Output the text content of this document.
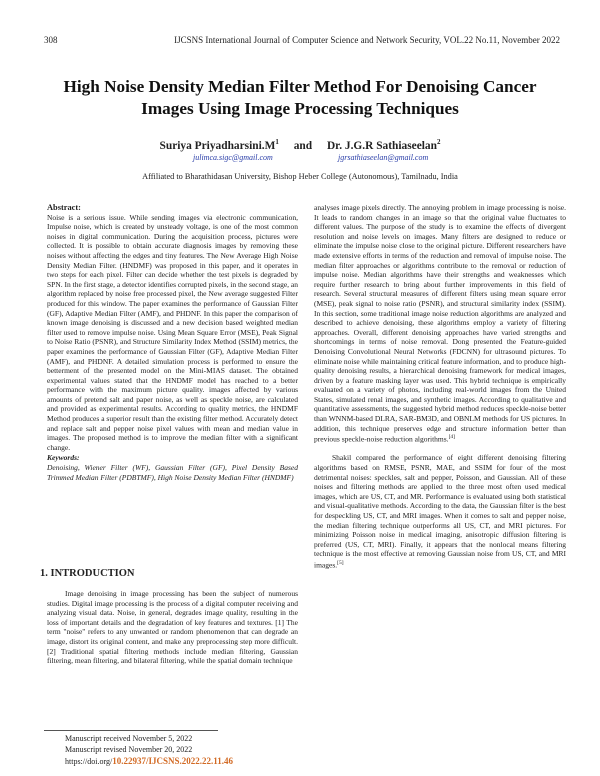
308	IJCSNS International Journal of Computer Science and Network Security, VOL.22 No.11, November 2022
High Noise Density Median Filter Method For Denoising Cancer
Images Using Image Processing Techniques
Suriya $Priyadharsini.M^1$ and Dr. J.G.R Sathiaseelan$^2$
julimca.sigc@gmail.com	jgrsathiaseelan@gmail.com
Affiliated to Bharathidasan University, Bishop Heber College (Autonomous), Tamilnadu, India

Abstract:

Noise is a serious issue. While sending images via electronic communication, Impulse noise, which is created by unsteady voltage, is one of the most common noises in digital communication. During the acquisition process, pictures were collected. It is possible to obtain accurate diagnosis images by removing these noises without affecting the edges and tiny features. The New Average High Noise Density Median Filter. (HNDMF) was proposed in this paper, and it operates in two steps for each pixel. Filter can decide whether the test pixels is degraded by SPN. In the first stage, a detector identifies corrupted pixels, in the second stage, an algorithm replaced by noise free processed pixel, the New average suggested Filter produced for this window. The paper examines the performance of Gaussian Filter (GF), Adaptive Median Filter (AMF), and PHDNF. In this paper the comparison of known image denoising is discussed and a new decision based weighted median filter used to remove impulse noise. Using Mean Square Error (MSE), Peak Signal to Noise Ratio (PSNR), and Structure Similarity Index Method (SSIM) metrics, the paper examines the performance of Gaussian Filter (GF), Adaptive Median Filter (AMF), and PHDNF. A detailed simulation process is performed to ensure the betterment of the presented model on the Mini-MIAS dataset. The obtained experimental values stated that the HNDMF model has reached to a better performance with the maximum picture quality. images affected by various amounts of pretend salt and paper noise, as well as speckle noise, are calculated and provided as experimental results. According to quality metrics, the HNDMF Method produces a superior result than the existing filter method. Accurately detect and replace salt and pepper noise pixel values with mean and median value in images. The proposed method is to improve the median filter with a significant change.

Keywords:

Denoising, Wiener Filter (WF), Gaussian Filter (GF), Pixel Density Based Trimmed Median Filter (PDBTMF), High Noise Density Median Filter (HNDMF)

1. INTRODUCTION

Image denoising in image processing has been the subject of numerous studies. Digital image processing is the process of a digital computer receiving and analyzing visual data. Noise, in general, degrades image quality, resulting in the loss of important details and the degradation of key features and textures. [1] The term "noise" refers to any unwanted or random phenomenon that can degrade an image, distort its original content, and make any preprocessing step more difficult.[2] Traditional spatial filtering methods include median filtering, Gaussian filtering, mean filtering, and bilateral filtering, while the spatial domain technique

analyses image pixels directly. The annoying problem in image processing is noise. It leads to random changes in an image so that the original value fluctuates to different values. The purpose of the study is to examine the effects of divergent resolution and noise levels on images. Many filters are designed to reduce or eliminate the impulse noise close to the original picture. Different researchers have made extensive efforts in terms of the reduction and removal of impulse noise. The median filter approaches or algorithms contribute to the removal or reduction of impulse noise. Median algorithms have their strengths and weaknesses which require further research to bring about further improvements in this field of research. Several structural measures of different filters using mean square error (MSE), peak signal to noise ratio (PSNR), and structural similarity index (SSIM). In this section, some traditional image noise reduction algorithms are analyzed and described to achieve denoising, these algorithms employ a variety of filtering approaches. Overall, different denoising approaches have varied strengths and shortcomings in terms of noise removal. Dong presented the Feature-guided Denoising Convolutional Neural Networks (FDCNN) for ultrasound pictures. To eliminate noise while maintaining critical feature information, and to produce high-quality denoising results, a hierarchical denoising framework for medical images, driven by a feature masking layer was used. This hybrid technique is empirically evaluated on a variety of photos, including real-world images from the United States, simulated renal images, and synthetic images. According to qualitative and quantitative assessments, the suggested hybrid method reduces speckle-noise better than WNNM-based DLRA, SAR-BM3D, and OBNLM methods for US pictures. In addition, this technique preserves edge and structure information better than previous speckle-noise reduction algorithms.[4]

Shakil compared the performance of eight different denoising filtering algorithms based on RMSE, PSNR, MAE, and SSIM for four of the most detrimental noises: speckles, salt and pepper, Poisson, and Gaussian. All of these noises and filtering methods are applied to the three most often used medical images, which are US, CT, and MR. Performance is evaluated using both statistical and visual-qualitative methods. According to the data, the Gaussian filter is the best for despeckling US, CT, and MRI images. When it comes to salt and pepper noise, the median filtering technique outperforms all US, CT, and MRI pictures. For minimizing Poisson noise in medical imaging, anisotropic diffusion filtering is preferred (US, CT, MRI). Finally, it appears that the nonlocal means filtering technique is the most effective at removing Gaussian noise from US, CT, and MRI images.[5]

Manuscript received November 5, 2022
Manuscript revised November 20, 2022
https://doi.org/10.22937/IJCSNS.2022.22.11.46
